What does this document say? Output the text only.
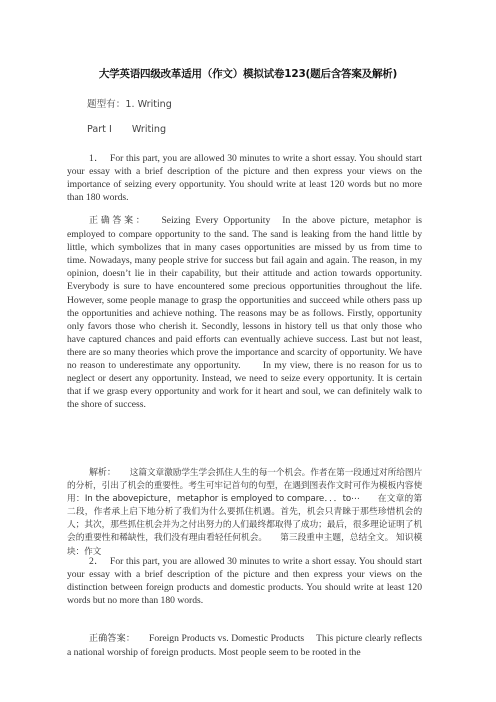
大学英语四级改革适用（作文）模拟试卷123(题后含答案及解析)
题型有：1. Writing
Part I Writing
1． For this part, you are allowed 30 minutes to write a short essay. You should start your essay with a brief description of the picture and then express your views on the importance of seizing every opportunity. You should write at least 120 words but no more than 180 words.
正确答案： Seizing Every Opportunity In the above picture, metaphor is employed to compare opportunity to the sand. The sand is leaking from the hand little by little, which symbolizes that in many cases opportunities are missed by us from time to time. Nowadays, many people strive for success but fail again and again. The reason, in my opinion, doesn’t lie in their capability, but their attitude and action towards opportunity.　　Everybody is sure to have encountered some precious opportunities throughout the life. However, some people manage to grasp the opportunities and succeed while others pass up the opportunities and achieve nothing. The reasons may be as follows. Firstly, opportunity only favors those who cherish it. Secondly, lessons in history tell us that only those who have captured chances and paid efforts can eventually achieve success. Last but not least, there are so many theories which prove the importance and scarcity of opportunity. We have no reason to underestimate any opportunity.　　In my view, there is no reason for us to neglect or desert any opportunity. Instead, we need to seize every opportunity. It is certain that if we grasp every opportunity and work for it heart and soul, we can definitely walk to the shore of success.
解析： 这篇文章激励学生学会抓住人生的每一个机会。作者在第一段通过对所给图片的分析，引出了机会的重要性。考生可牢记首句的句型，在遇到图表作文时可作为模板内容使用：In the abovepicture，metaphor is employed to compare．．．to⋯　　在文章的第二段，作者承上启下地分析了我们为什么要抓住机遇。首先，机会只青睐于那些珍惜机会的人；其次，那些抓住机会并为之付出努力的人们最终都取得了成功；最后，很多理论证明了机会的重要性和稀缺性，我们没有理由看轻任何机会。　　第三段重申主题，总结全文。 知识模块：作文
2． For this part, you are allowed 30 minutes to write a short essay. You should start your essay with a brief description of the picture and then express your views on the distinction between foreign products and domestic products. You should write at least 120 words but no more than 180 words.
正确答案： Foreign Products vs. Domestic Products This picture clearly reflects a national worship of foreign products. Most people seem to be rooted in the
